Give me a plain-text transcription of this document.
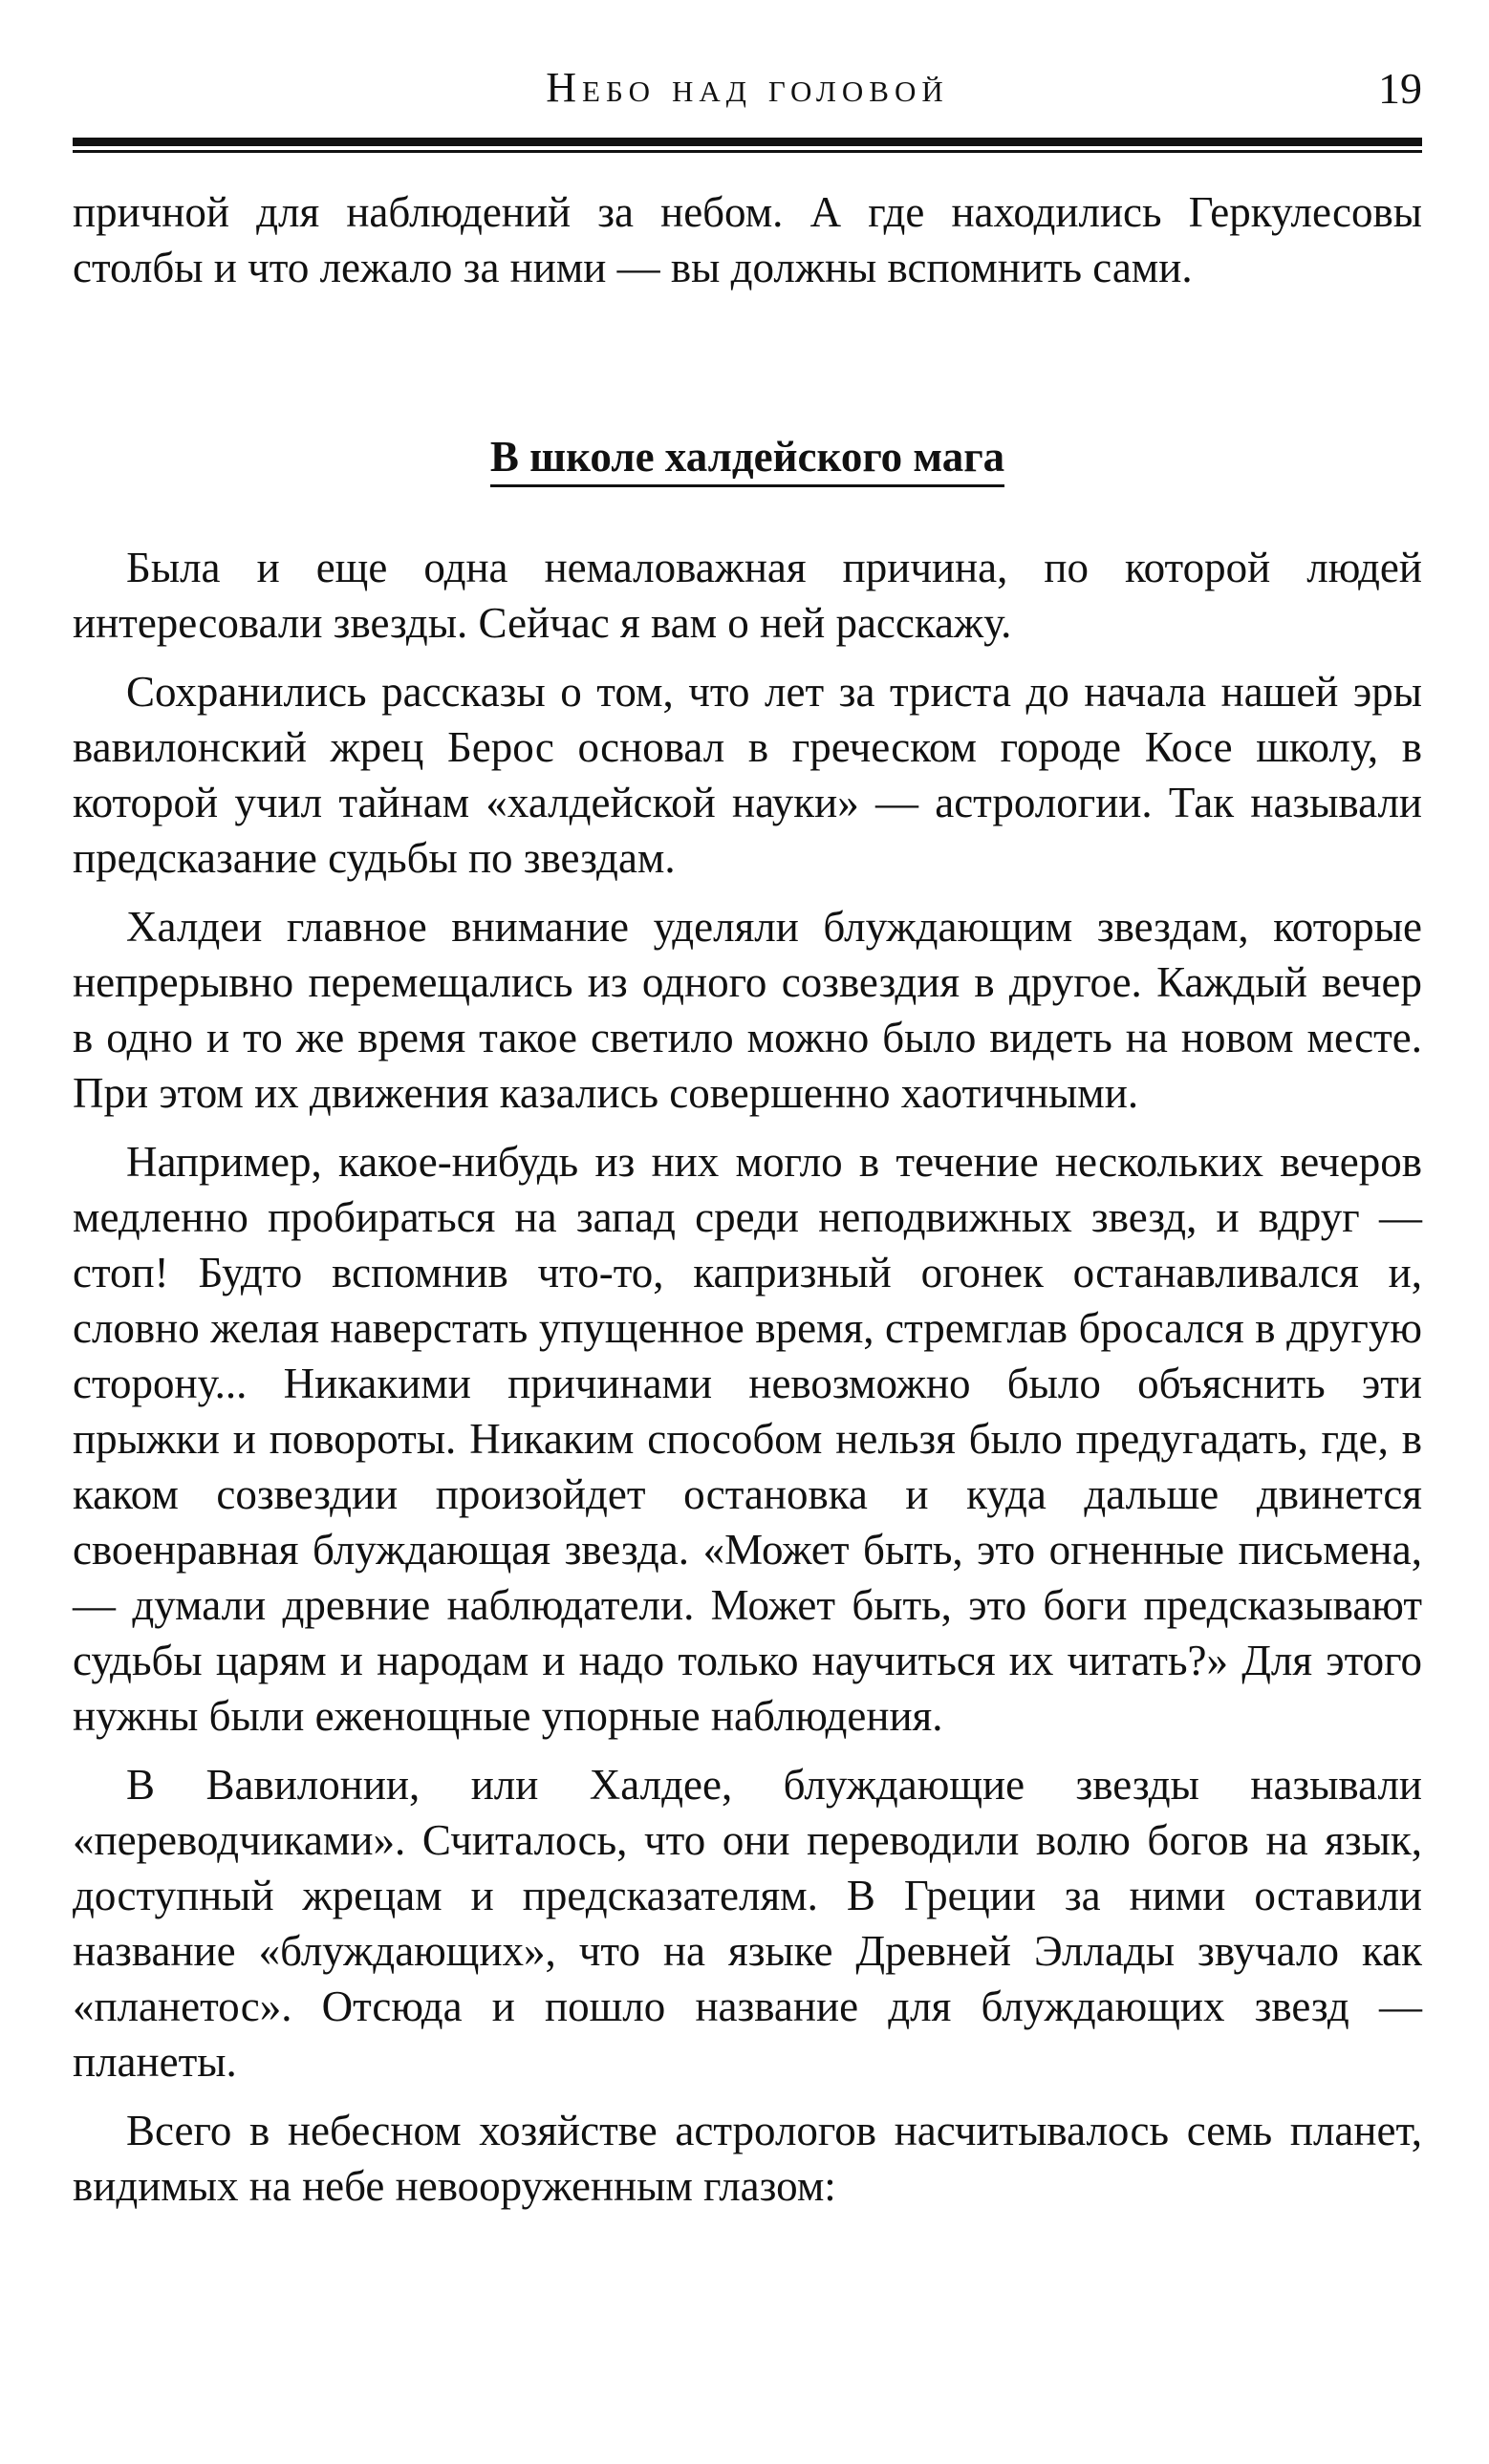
Небо над головой	19

причной для наблюдений за небом. А где находились Геркулесовы столбы и что лежало за ними — вы должны вспомнить сами.

В школе халдейского мага

Была и еще одна немаловажная причина, по которой людей интересовали звезды. Сейчас я вам о ней расскажу.

Сохранились рассказы о том, что лет за триста до начала нашей эры вавилонский жрец Берос основал в греческом городе Косе школу, в которой учил тайнам «халдейской науки» — астрологии. Так называли предсказание судьбы по звездам.

Халдеи главное внимание уделяли блуждающим звездам, которые непрерывно перемещались из одного созвездия в другое. Каждый вечер в одно и то же время такое светило можно было видеть на новом месте. При этом их движения казались совершенно хаотичными.

Например, какое-нибудь из них могло в течение нескольких вечеров медленно пробираться на запад среди неподвижных звезд, и вдруг — стоп! Будто вспомнив что-то, капризный огонек останавливался и, словно желая наверстать упущенное время, стремглав бросался в другую сторону... Никакими причинами невозможно было объяснить эти прыжки и повороты. Никаким способом нельзя было предугадать, где, в каком созвездии произойдет остановка и куда дальше двинется своенравная блуждающая звезда. «Может быть, это огненные письмена, — думали древние наблюдатели. Может быть, это боги предсказывают судьбы царям и народам и надо только научиться их читать?» Для этого нужны были еженощные упорные наблюдения.

В Вавилонии, или Халдее, блуждающие звезды называли «переводчиками». Считалось, что они переводили волю богов на язык, доступный жрецам и предсказателям. В Греции за ними оставили название «блуждающих», что на языке Древней Эллады звучало как «планетос». Отсюда и пошло название для блуждающих звезд — планеты.

Всего в небесном хозяйстве астрологов насчитывалось семь планет, видимых на небе невооруженным глазом:
